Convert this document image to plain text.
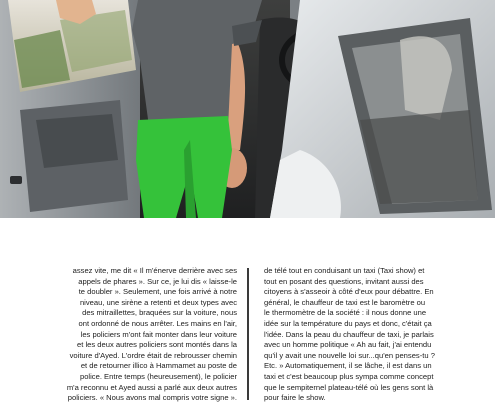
assez vite, me dit « Il m'énerve derrière avec ses
appels de phares ». Sur ce, je lui dis « laisse-le
te doubler ». Seulement, une fois arrivé à notre
niveau, une sirène a retenti et deux types avec
des mitraillettes, braquées sur la voiture, nous
ont ordonné de nous arrêter. Les mains en l'air,
les policiers m'ont fait monter dans leur voiture
et les deux autres policiers sont montés dans la
voiture d'Ayed. L'ordre était de rebrousser chemin
et de retourner illico à Hammamet au poste de
police. Entre temps (heureusement), le policier
m'a reconnu et Ayed aussi a parlé aux deux autres
policiers. « Nous avons mal compris votre signe ».
de télé tout en conduisant un taxi (Taxi show) et
tout en posant des questions, invitant aussi des
citoyens à s'asseoir à côté d'eux pour débattre. En
général, le chauffeur de taxi est le baromètre ou
le thermomètre de la société : il nous donne une
idée sur la température du pays et donc, c'était ça
l'idée. Dans la peau du chauffeur de taxi, je parlais
avec un homme politique « Ah au fait, j'ai entendu
qu'il y avait une nouvelle loi sur...qu'en penses-tu ?
Etc. » Automatiquement, il se lâche, il est dans un
taxi et c'est beaucoup plus sympa comme concept
que le sempiternel plateau-télé où les gens sont là
pour faire le show.
